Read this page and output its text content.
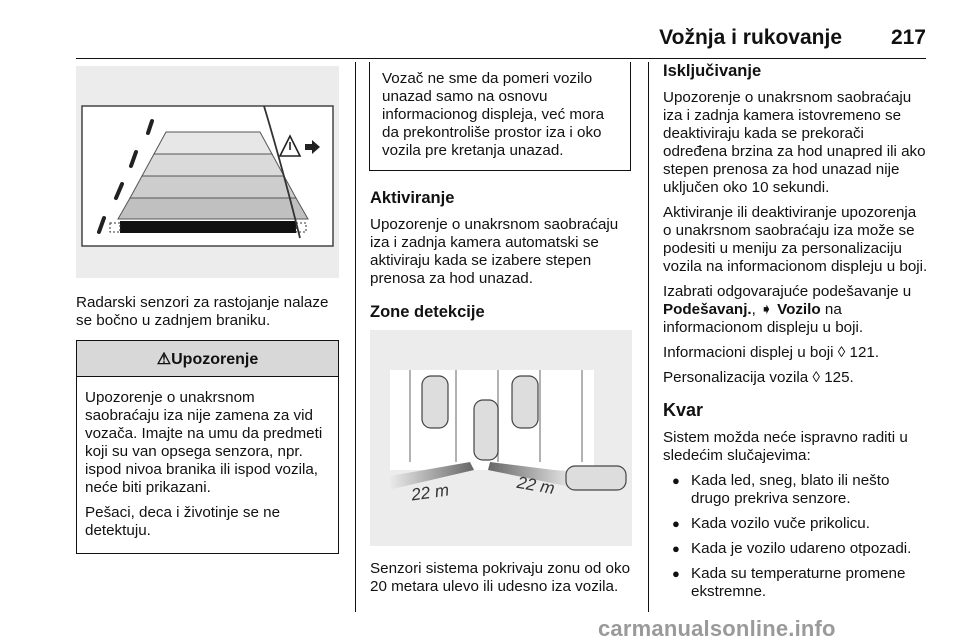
Vožnja i rukovanje 217

Radarski senzori za rastojanje nalaze se bočno u zadnjem braniku.

⚠Upozorenje

Upozorenje o unakrsnom saobraćaju iza nije zamena za vid vozača. Imajte na umu da predmeti koji su van opsega senzora, npr. ispod nivoa branika ili ispod vozila, neće biti prikazani.

Pešaci, deca i životinje se ne detektuju.

Vozač ne sme da pomeri vozilo unazad samo na osnovu informacionog displeja, već mora da prekontroliše prostor iza i oko vozila pre kretanja unazad.

Aktiviranje

Upozorenje o unakrsnom saobraćaju iza i zadnja kamera automatski se aktiviraju kada se izabere stepen prenosa za hod unazad.

Zone detekcije
22 m	22 m

Senzori sistema pokrivaju zonu od oko 20 metara ulevo ili udesno iza vozila.

Isključivanje

Upozorenje o unakrsnom saobraćaju iza i zadnja kamera istovremeno se deaktiviraju kada se prekorači određena brzina za hod unapred ili ako stepen prenosa za hod unazad nije uključen oko 10 sekundi.

Aktiviranje ili deaktiviranje upozorenja o unakrsnom saobraćaju iza može se podesiti u meniju za personalizaciju vozila na informacionom displeju u boji.

Izabrati odgovarajuće podešavanje u Podešavanj., ➧ Vozilo na informacionom displeju u boji.

Informacioni displej u boji ◊ 121.

Personalizacija vozila ◊ 125.

Kvar

Sistem možda neće ispravno raditi u sledećim slučajevima:

● Kada led, sneg, blato ili nešto drugo prekriva senzore.
● Kada vozilo vuče prikolicu.
● Kada je vozilo udareno otpozadi.
● Kada su temperaturne promene ekstremne.
carmanualsonline.info
